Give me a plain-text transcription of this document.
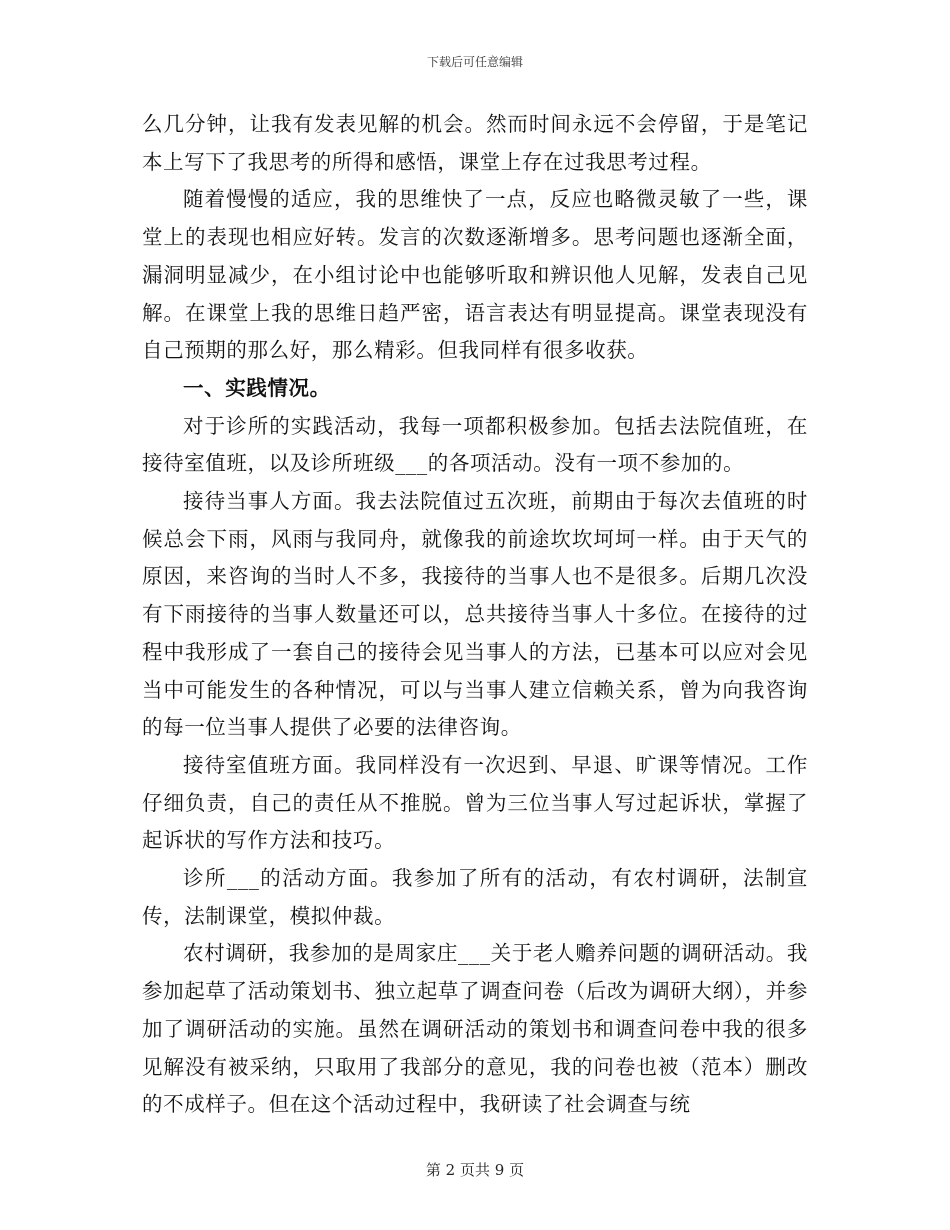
下载后可任意编辑

么几分钟，让我有发表见解的机会。然而时间永远不会停留，于是笔记本上写下了我思考的所得和感悟，课堂上存在过我思考过程。

随着慢慢的适应，我的思维快了一点，反应也略微灵敏了一些，课堂上的表现也相应好转。发言的次数逐渐增多。思考问题也逐渐全面，漏洞明显减少，在小组讨论中也能够听取和辨识他人见解，发表自己见解。在课堂上我的思维日趋严密，语言表达有明显提高。课堂表现没有自己预期的那么好，那么精彩。但我同样有很多收获。

一、实践情况。

对于诊所的实践活动，我每一项都积极参加。包括去法院值班，在接待室值班，以及诊所班级___的各项活动。没有一项不参加的。

接待当事人方面。我去法院值过五次班，前期由于每次去值班的时候总会下雨，风雨与我同舟，就像我的前途坎坎坷坷一样。由于天气的原因，来咨询的当时人不多，我接待的当事人也不是很多。后期几次没有下雨接待的当事人数量还可以，总共接待当事人十多位。在接待的过程中我形成了一套自己的接待会见当事人的方法，已基本可以应对会见当中可能发生的各种情况，可以与当事人建立信赖关系，曾为向我咨询的每一位当事人提供了必要的法律咨询。

接待室值班方面。我同样没有一次迟到、早退、旷课等情况。工作仔细负责，自己的责任从不推脱。曾为三位当事人写过起诉状，掌握了起诉状的写作方法和技巧。

诊所___的活动方面。我参加了所有的活动，有农村调研，法制宣传，法制课堂，模拟仲裁。

农村调研，我参加的是周家庄___关于老人赡养问题的调研活动。我参加起草了活动策划书、独立起草了调查问卷（后改为调研大纲），并参加了调研活动的实施。虽然在调研活动的策划书和调查问卷中我的很多见解没有被采纳，只取用了我部分的意见，我的问卷也被（范本）删改的不成样子。但在这个活动过程中，我研读了社会调查与统

第 2 页共 9 页
